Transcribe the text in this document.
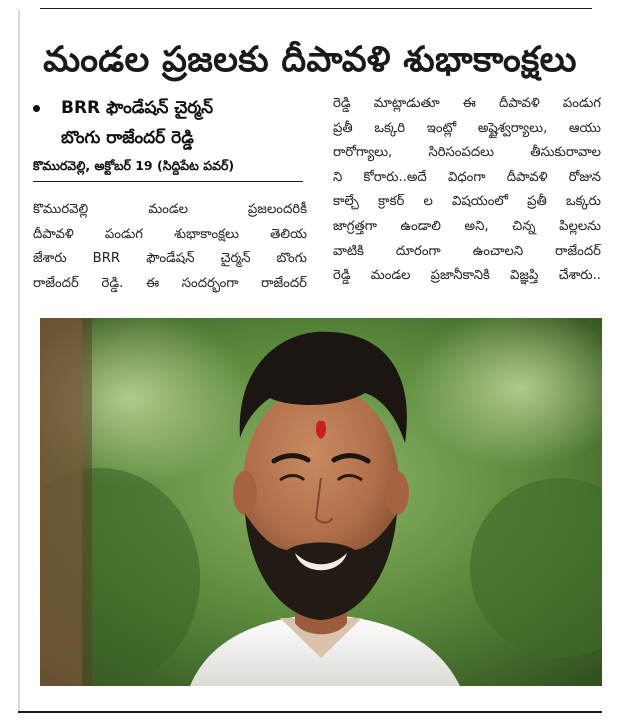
మండల ప్రజలకు దీపావళి శుభాకాంక్షలు
BRR ఫౌండేషన్ చైర్మన్
బొంగు రాజేందర్ రెడ్డి
కొమురవెల్లి, అక్టోబర్ 19 (సిద్దిపేట పవర్)
కొమురవెల్లి మండల ప్రజలందరికీ
దీపావళి పండుగ శుభాకాంక్షలు తెలియ
జేశారు BRR ఫౌండేషన్ చైర్మన్ బొంగు
రాజేందర్ రెడ్డి. ఈ సందర్భంగా రాజేందర్
రెడ్డి మాట్లాడుతూ ఈ దీపావళి పండుగ
ప్రతీ ఒక్కరి ఇంట్లో అష్టైశ్వర్యాలు, ఆయు
రారోగ్యాలు, సిరిసంపదలు తీసుకురావాల
ని కోరారు..అదే విధంగా దీపావళి రోజున
కాల్చే క్రాకర్ ల విషయంలో ప్రతీ ఒక్కరు
జాగ్రత్తగా ఉండాలి అని, చిన్న పిల్లలను
వాటికి దూరంగా ఉంచాలని రాజేందర్
రెడ్డి మండల ప్రజానీకానికి విజ్ఞప్తి చేశారు..
